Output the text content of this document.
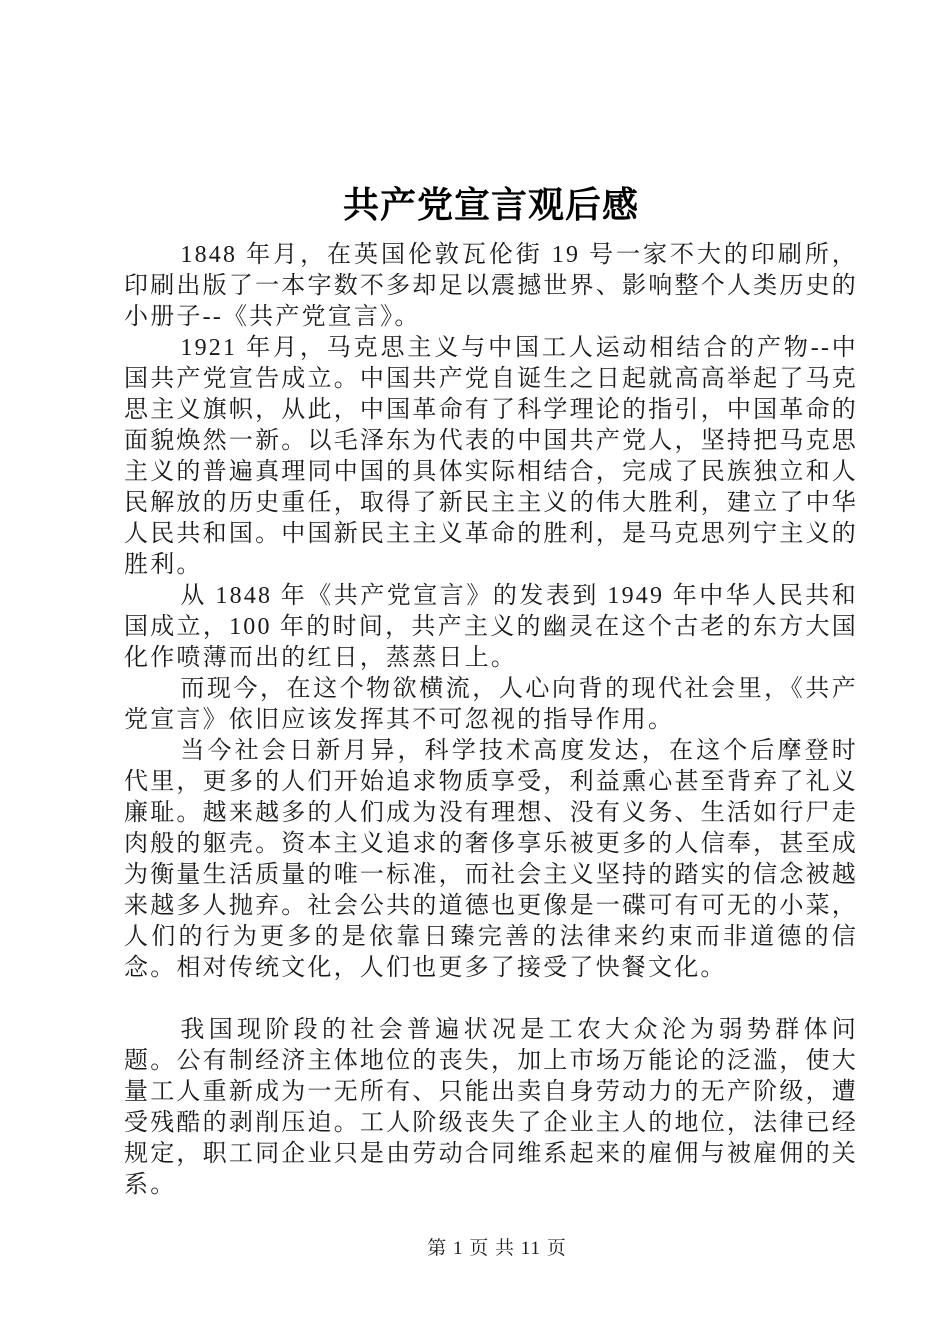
共产党宣言观后感

1848 年月，在英国伦敦瓦伦街 19 号一家不大的印刷所，印刷出版了一本字数不多却足以震撼世界、影响整个人类历史的小册子--《共产党宣言》。

1921 年月，马克思主义与中国工人运动相结合的产物--中国共产党宣告成立。中国共产党自诞生之日起就高高举起了马克思主义旗帜，从此，中国革命有了科学理论的指引，中国革命的面貌焕然一新。以毛泽东为代表的中国共产党人，坚持把马克思主义的普遍真理同中国的具体实际相结合，完成了民族独立和人民解放的历史重任，取得了新民主主义的伟大胜利，建立了中华人民共和国。中国新民主主义革命的胜利，是马克思列宁主义的胜利。

从 1848 年《共产党宣言》的发表到 1949 年中华人民共和国成立，100 年的时间，共产主义的幽灵在这个古老的东方大国化作喷薄而出的红日，蒸蒸日上。

而现今，在这个物欲横流，人心向背的现代社会里，《共产党宣言》依旧应该发挥其不可忽视的指导作用。

当今社会日新月异，科学技术高度发达，在这个后摩登时代里，更多的人们开始追求物质享受，利益熏心甚至背弃了礼义廉耻。越来越多的人们成为没有理想、没有义务、生活如行尸走肉般的躯壳。资本主义追求的奢侈享乐被更多的人信奉，甚至成为衡量生活质量的唯一标准，而社会主义坚持的踏实的信念被越来越多人抛弃。社会公共的道德也更像是一碟可有可无的小菜，人们的行为更多的是依靠日臻完善的法律来约束而非道德的信念。相对传统文化，人们也更多了接受了快餐文化。

我国现阶段的社会普遍状况是工农大众沦为弱势群体问题。公有制经济主体地位的丧失，加上市场万能论的泛滥，使大量工人重新成为一无所有、只能出卖自身劳动力的无产阶级，遭受残酷的剥削压迫。工人阶级丧失了企业主人的地位，法律已经规定，职工同企业只是由劳动合同维系起来的雇佣与被雇佣的关系。

第 1 页 共 11 页
